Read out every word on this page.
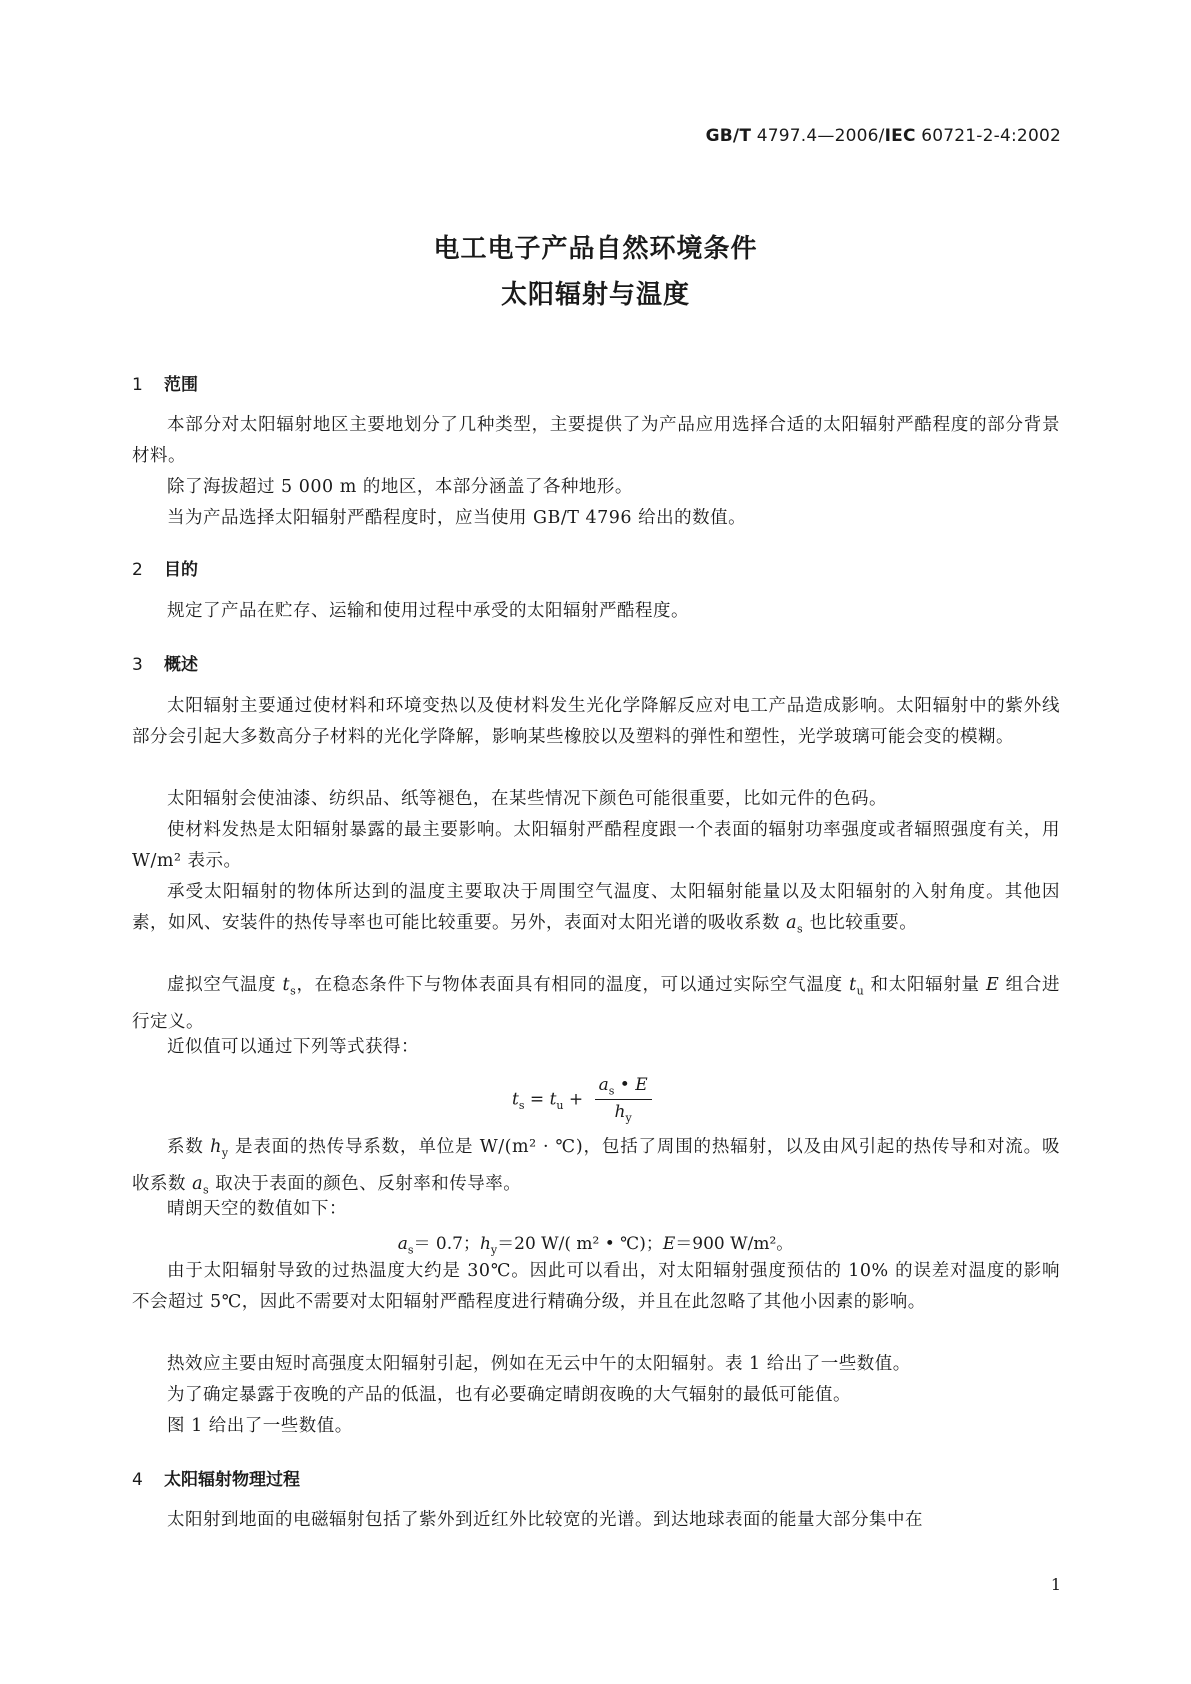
GB/T 4797.4—2006/IEC 60721-2-4:2002
电工电子产品自然环境条件
太阳辐射与温度
1 范围
本部分对太阳辐射地区主要地划分了几种类型，主要提供了为产品应用选择合适的太阳辐射严酷程度的部分背景材料。
除了海拔超过 5 000 m 的地区，本部分涵盖了各种地形。
当为产品选择太阳辐射严酷程度时，应当使用 GB/T 4796 给出的数值。
2 目的
规定了产品在贮存、运输和使用过程中承受的太阳辐射严酷程度。
3 概述
太阳辐射主要通过使材料和环境变热以及使材料发生光化学降解反应对电工产品造成影响。太阳辐射中的紫外线部分会引起大多数高分子材料的光化学降解，影响某些橡胶以及塑料的弹性和塑性，光学玻璃可能会变的模糊。
太阳辐射会使油漆、纺织品、纸等褪色，在某些情况下颜色可能很重要，比如元件的色码。
使材料发热是太阳辐射暴露的最主要影响。太阳辐射严酷程度跟一个表面的辐射功率强度或者辐照强度有关，用 W/m² 表示。
承受太阳辐射的物体所达到的温度主要取决于周围空气温度、太阳辐射能量以及太阳辐射的入射角度。其他因素，如风、安装件的热传导率也可能比较重要。另外，表面对太阳光谱的吸收系数 $a_s$ 也比较重要。
虚拟空气温度 $t_s$，在稳态条件下与物体表面具有相同的温度，可以通过实际空气温度 $t_u$ 和太阳辐射量 E 组合进行定义。
近似值可以通过下列等式获得：
$t_s = t_u + \frac{a_s • E}{h_y}$
系数 $h_y$ 是表面的热传导系数，单位是 W/(m² · ℃)，包括了周围的热辐射，以及由风引起的热传导和对流。吸收系数 $a_s$ 取决于表面的颜色、反射率和传导率。
晴朗天空的数值如下：
$a_s= 0.7$；$h_y=20$ W/( m² • ℃)；E＝900 W/m²。
由于太阳辐射导致的过热温度大约是 30℃。因此可以看出，对太阳辐射强度预估的 10% 的误差对温度的影响不会超过 5℃，因此不需要对太阳辐射严酷程度进行精确分级，并且在此忽略了其他小因素的影响。
热效应主要由短时高强度太阳辐射引起，例如在无云中午的太阳辐射。表 1 给出了一些数值。
为了确定暴露于夜晚的产品的低温，也有必要确定晴朗夜晚的大气辐射的最低可能值。
图 1 给出了一些数值。
4 太阳辐射物理过程
太阳射到地面的电磁辐射包括了紫外到近红外比较宽的光谱。到达地球表面的能量大部分集中在
1
